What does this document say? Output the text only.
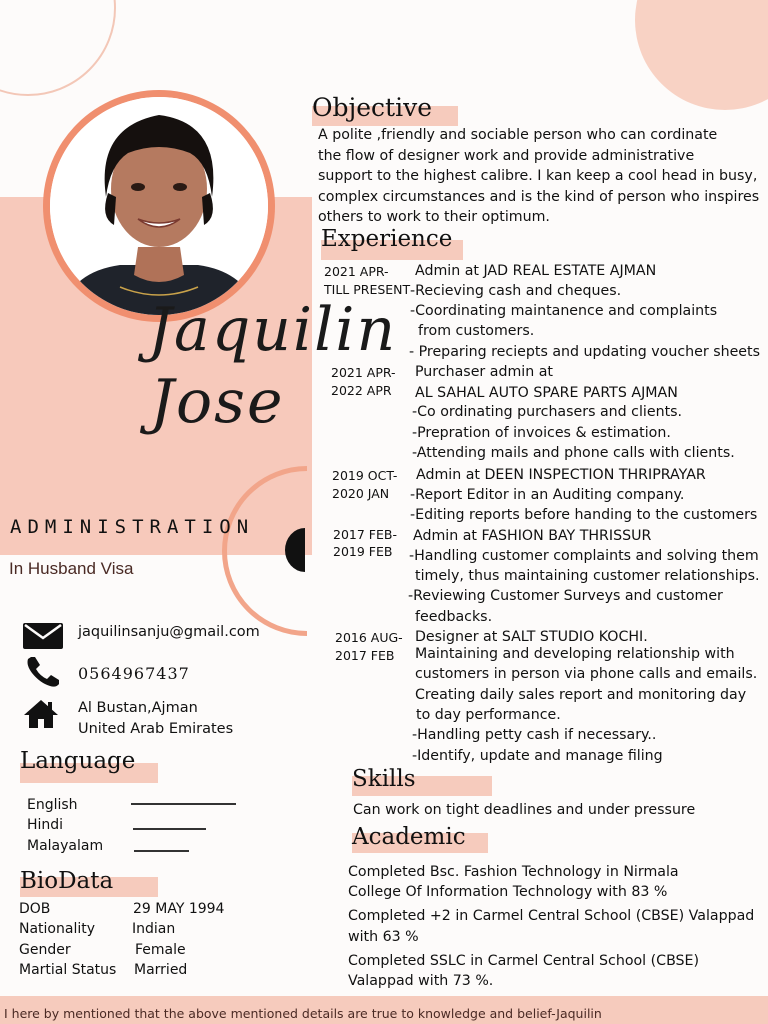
Jaquilin
Jose
ADMINISTRATION
In Husband Visa
jaquilinsanju@gmail.com
0564967437
Al Bustan,Ajman
United Arab Emirates
Language
English
Hindi
Malayalam
BioData
DOB	29 MAY 1994
Nationality	Indian
Gender	Female
Martial Status Married
Objective
A polite ,friendly and sociable person who can cordinate
the flow of designer work and provide administrative
support to the highest calibre. I kan keep a cool head in busy,
complex circumstances and is the kind of person who inspires
others to work to their optimum.
Experience
2021 APR-
TILL PRESENT
Admin at JAD REAL ESTATE AJMAN
-Recieving cash and cheques.
-Coordinating maintanence and complaints
from customers.
- Preparing reciepts and updating voucher sheets
2021 APR-
2022 APR
Purchaser admin at
AL SAHAL AUTO SPARE PARTS AJMAN
-Co ordinating purchasers and clients.
-Prepration of invoices & estimation.
-Attending mails and phone calls with clients.
2019 OCT-
2020 JAN
Admin at DEEN INSPECTION THRIPRAYAR
-Report Editor in an Auditing company.
-Editing reports before handing to the customers
2017 FEB-
2019 FEB
Admin at FASHION BAY THRISSUR
-Handling customer complaints and solving them
timely, thus maintaining customer relationships.
-Reviewing Customer Surveys and customer
feedbacks.
2016 AUG-
2017 FEB
Designer at SALT STUDIO KOCHI.
Maintaining and developing relationship with
customers in person via phone calls and emails.
Creating daily sales report and monitoring day
to day performance.
-Handling petty cash if necessary..
-Identify, update and manage filing
Skills
Can work on tight deadlines and under pressure
Academic
Completed Bsc. Fashion Technology in Nirmala
College Of Information Technology with 83 %
Completed +2 in Carmel Central School (CBSE) Valappad
with 63 %
Completed SSLC in Carmel Central School (CBSE)
Valappad with 73 %.
I here by mentioned that the above mentioned details are true to knowledge and belief-Jaquilin
